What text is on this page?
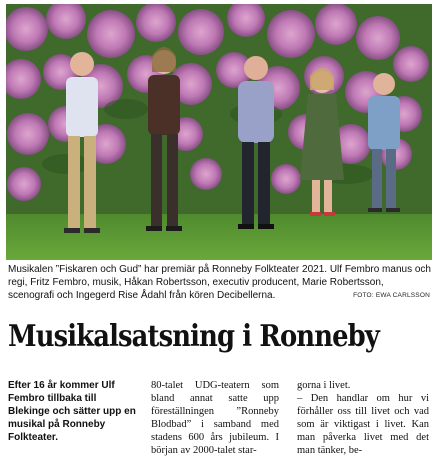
Musikalen ”Fiskaren och Gud” har premiär på Ronneby Folkteater 2021. Ulf Fembro manus och regi, Fritz Fembro, musik, Håkan Robertsson, executiv producent, Marie Robertsson, scenografi och Ingegerd Rise Ådahl från kören Decibellerna.	FOTO: EWA CARLSSON
Musikalsatsning i Ronneby

Efter 16 år kommer Ulf Fembro tillbaka till Blekinge och sätter upp en musikal på Ronneby Folkteater.

80-talet UDG-teatern som bland annat satte upp föreställningen ”Ronneby Blodbad” i samband med stadens 600 års jubileum. I början av 2000-talet star-

gorna i livet.

– Den handlar om hur vi förhåller oss till livet och vad som är viktigast i livet. Kan man påverka livet med det man tänker, be-
